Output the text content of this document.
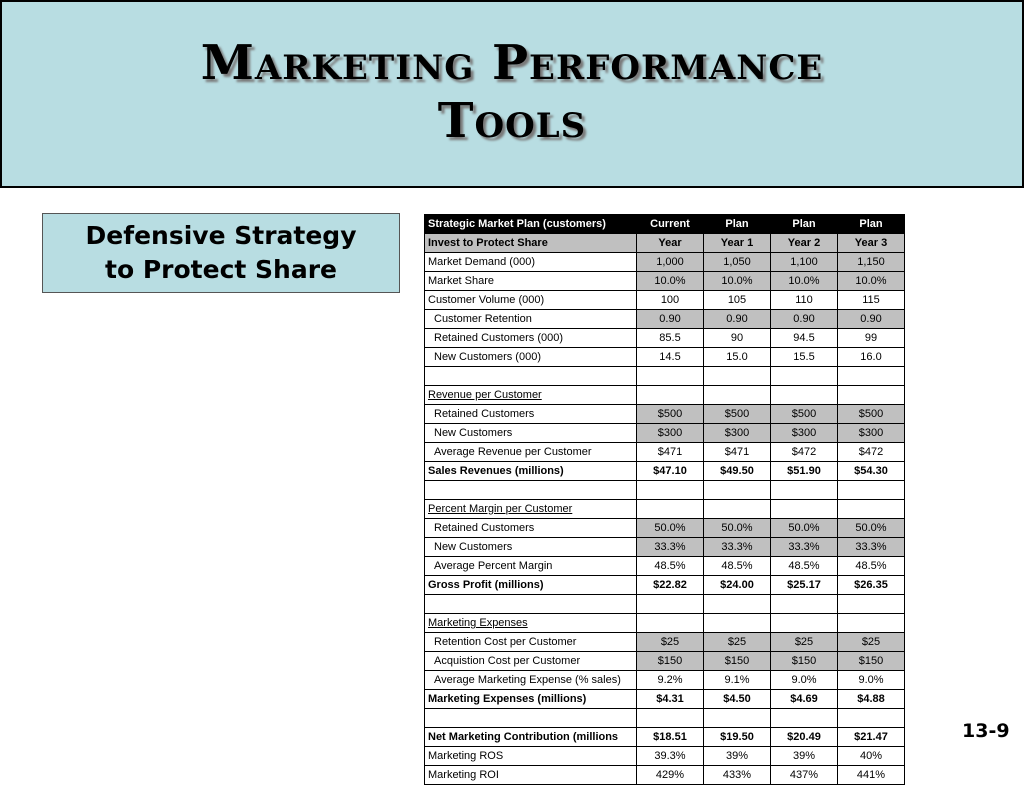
Marketing Performance
Tools
Defensive Strategy
to Protect Share
Strategic Market Plan (customers)	Current	Plan	Plan	Plan
Invest to Protect Share	Year	Year 1	Year 2	Year 3
Market Demand (000)	1,000	1,050	1,100	1,150
Market Share	10.0%	10.0%	10.0%	10.0%
Customer Volume (000)	100	105	110	115
Customer Retention	0.90	0.90	0.90	0.90
Retained Customers (000)	85.5	90	94.5	99
New Customers (000)	14.5	15.0	15.5	16.0

Revenue per Customer				
Retained Customers	$500	$500	$500	$500
New Customers	$300	$300	$300	$300
Average Revenue per Customer	$471	$471	$472	$472
Sales Revenues (millions)	$47.10	$49.50	$51.90	$54.30

Percent Margin per Customer				
Retained Customers	50.0%	50.0%	50.0%	50.0%
New Customers	33.3%	33.3%	33.3%	33.3%
Average Percent Margin	48.5%	48.5%	48.5%	48.5%
Gross Profit (millions)	$22.82	$24.00	$25.17	$26.35

Marketing Expenses				
Retention Cost per Customer	$25	$25	$25	$25
Acquistion Cost per Customer	$150	$150	$150	$150
Average Marketing Expense (% sales)	9.2%	9.1%	9.0%	9.0%
Marketing Expenses (millions)	$4.31	$4.50	$4.69	$4.88

Net Marketing Contribution (millions	$18.51	$19.50	$20.49	$21.47
Marketing ROS	39.3%	39%	39%	40%
Marketing ROI	429%	433%	437%	441%
13-9
